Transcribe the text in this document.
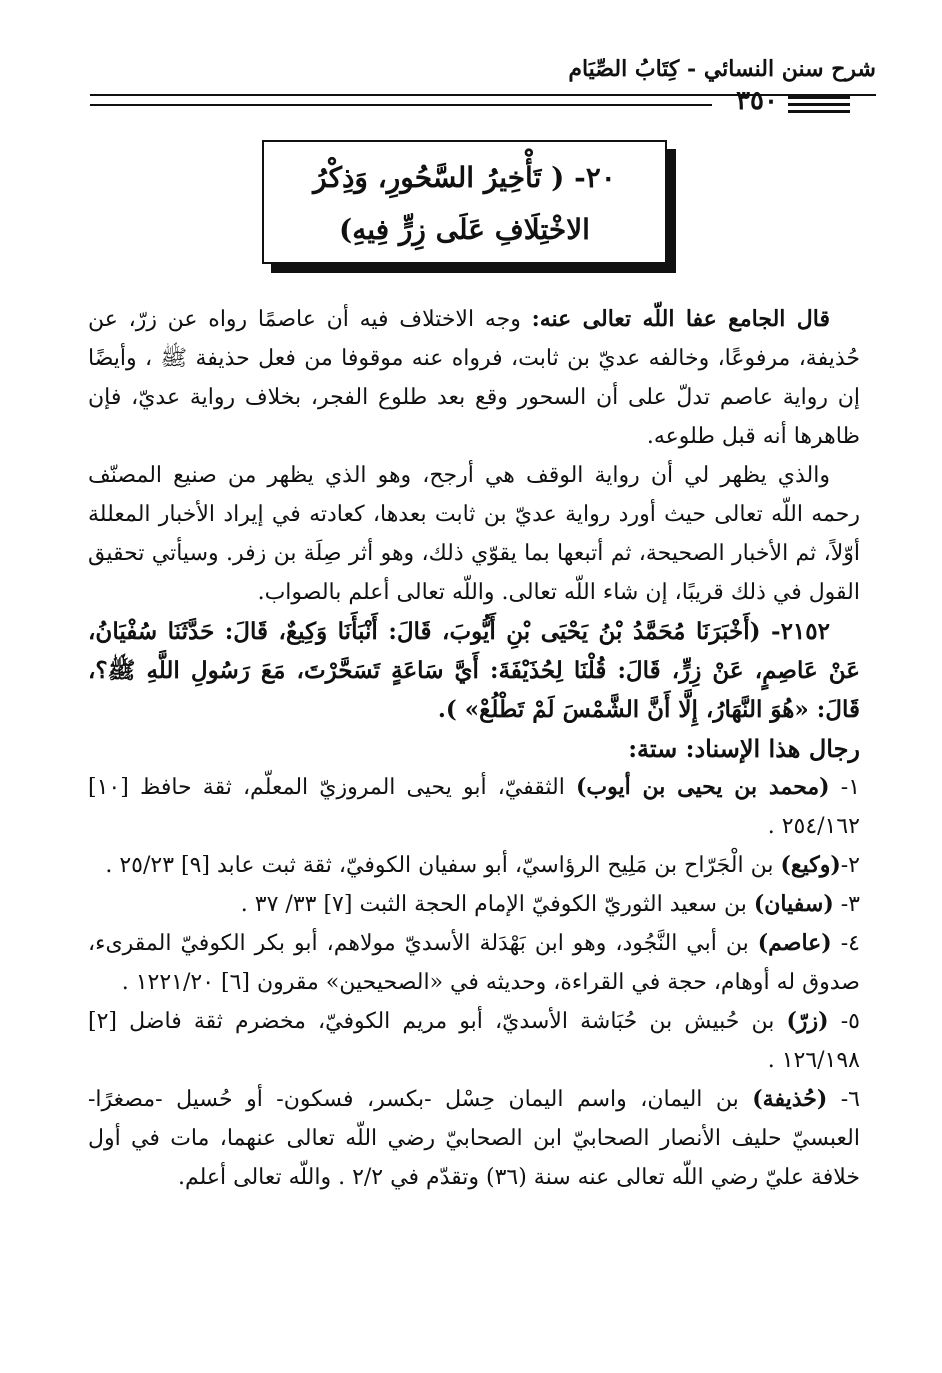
شرح سنن النسائي - كِتَابُ الصِّيَام
٣٥٠
٢٠- ( تَأْخِيرُ السَّحُورِ، وَذِكْرُ
الاخْتِلَافِ عَلَى زِرٍّ فِيهِ)

قال الجامع عفا اللّه تعالى عنه: وجه الاختلاف فيه أن عاصمًا رواه عن زرّ، عن حُذيفة، مرفوعًا، وخالفه عديّ بن ثابت، فرواه عنه موقوفا من فعل حذيفة ﷺ ، وأيضًا إن رواية عاصم تدلّ على أن السحور وقع بعد طلوع الفجر، بخلاف رواية عديّ، فإن ظاهرها أنه قبل طلوعه.

والذي يظهر لي أن رواية الوقف هي أرجح، وهو الذي يظهر من صنيع المصنّف رحمه اللّه تعالى حيث أورد رواية عديّ بن ثابت بعدها، كعادته في إيراد الأخبار المعللة أوّلاً، ثم الأخبار الصحيحة، ثم أتبعها بما يقوّي ذلك، وهو أثر صِلَة بن زفر. وسيأتي تحقيق القول في ذلك قريبًا، إن شاء اللّه تعالى. واللّه تعالى أعلم بالصواب.

٢١٥٢- (أَخْبَرَنَا مُحَمَّدُ بْنُ يَحْيَى بْنِ أَيُّوبَ، قَالَ: أَنْبَأَنَا وَكِيعٌ، قَالَ: حَدَّثَنَا سُفْيَانُ، عَنْ عَاصِمٍ، عَنْ زِرٍّ، قَالَ: قُلْنَا لِحُذَيْفَةَ: أَيَّ سَاعَةٍ تَسَحَّرْتَ، مَعَ رَسُولِ اللَّهِ ﷺ؟، قَالَ: «هُوَ النَّهَارُ، إِلَّا أَنَّ الشَّمْسَ لَمْ تَطْلُعْ» ).

رجال هذا الإسناد: ستة:

١- (محمد بن يحيى بن أيوب) الثقفيّ، أبو يحيى المروزيّ المعلّم، ثقة حافظ [١٠] ٢٥٤/١٦٢ .

٢-(وكيع) بن الْجَرّاح بن مَلِيح الرؤاسيّ، أبو سفيان الكوفيّ، ثقة ثبت عابد [٩] ٢٥/٢٣ .

٣- (سفيان) بن سعيد الثوريّ الكوفيّ الإمام الحجة الثبت [٧] ٣٣/ ٣٧ .

٤- (عاصم) بن أبي النَّجُود، وهو ابن بَهْدَلة الأسديّ مولاهم، أبو بكر الكوفيّ المقرىء، صدوق له أوهام، حجة في القراءة، وحديثه في «الصحيحين» مقرون [٦] ١٢٢١/٢٠ .

٥- (زرّ) بن حُبيش بن حُبَاشة الأسديّ، أبو مريم الكوفيّ، مخضرم ثقة فاضل [٢] ١٢٦/١٩٨ .

٦- (حُذيفة) بن اليمان، واسم اليمان حِسْل -بكسر، فسكون- أو حُسيل -مصغرًا- العبسيّ حليف الأنصار الصحابيّ ابن الصحابيّ رضي اللّه تعالى عنهما، مات في أول خلافة عليّ رضي اللّه تعالى عنه سنة (٣٦) وتقدّم في ٢/٢ . واللّه تعالى أعلم.
